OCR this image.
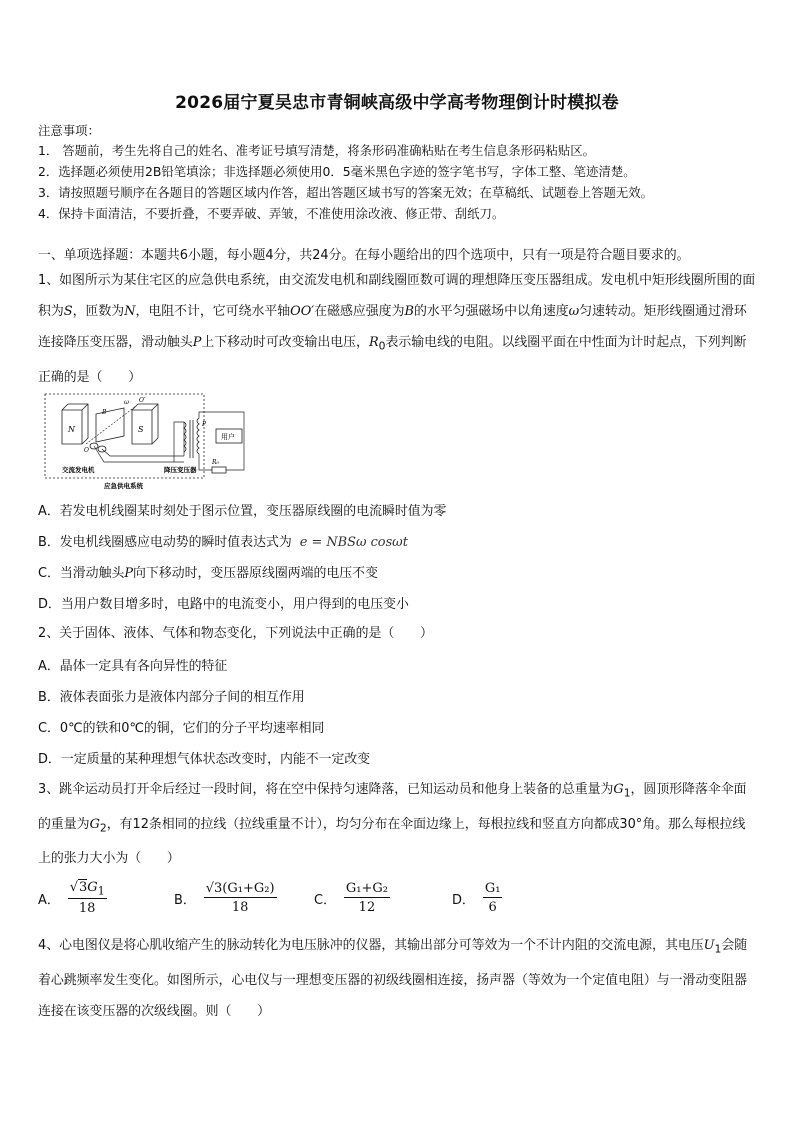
2026届宁夏吴忠市青铜峡高级中学高考物理倒计时模拟卷
注意事项：
1． 答题前，考生先将自己的姓名、准考证号填写清楚，将条形码准确粘贴在考生信息条形码粘贴区。
2．选择题必须使用2B铅笔填涂；非选择题必须使用0．5毫米黑色字迹的签字笔书写，字体工整、笔迹清楚。
3．请按照题号顺序在各题目的答题区域内作答，超出答题区域书写的答案无效；在草稿纸、试题卷上答题无效。
4．保持卡面清洁，不要折叠，不要弄破、弄皱，不准使用涂改液、修正带、刮纸刀。
一、单项选择题：本题共6小题，每小题4分，共24分。在每小题给出的四个选项中，只有一项是符合题目要求的。
1、如图所示为某住宅区的应急供电系统，由交流发电机和副线圈匝数可调的理想降压变压器组成。发电机中矩形线圈所围的面积为S，匝数为N，电阻不计，它可绕水平轴OO′在磁感应强度为B的水平匀强磁场中以角速度ω匀速转动。矩形线圈通过滑环连接降压变压器，滑动触头P上下移动时可改变输出电压，$R_0$表示输电线的电阻。以线圈平面在中性面为计时起点，下列判断正确的是（　　）
N	S
B
ω O′
O
P
用户
R₀
交流发电机	降压变压器
应急供电系统
A．若发电机线圈某时刻处于图示位置，变压器原线圈的电流瞬时值为零
B．发电机线圈感应电动势的瞬时值表达式为 e = NBSω cosωt
C．当滑动触头P向下移动时，变压器原线圈两端的电压不变
D．当用户数目增多时，电路中的电流变小，用户得到的电压变小
2、关于固体、液体、气体和物态变化，下列说法中正确的是（　　）
A．晶体一定具有各向异性的特征
B．液体表面张力是液体内部分子间的相互作用
C．0℃的铁和0℃的铜，它们的分子平均速率相同
D．一定质量的某种理想气体状态改变时，内能不一定改变
3、跳伞运动员打开伞后经过一段时间，将在空中保持匀速降落，已知运动员和他身上装备的总重量为$G_1$，圆顶形降落伞伞面的重量为$G_2$，有12条相同的拉线（拉线重量不计），均匀分布在伞面边缘上，每根拉线和竖直方向都成30°角。那么每根拉线上的张力大小为（　　）
A． $\frac{√3G_1}{18}$	B． $\frac{\text{√3(G₁+G₂)}}{18}$	C． $\frac{\text{G₁+G₂}}{12}$	D． $\frac{\text{G₁}}{6}$
4、心电图仪是将心肌收缩产生的脉动转化为电压脉冲的仪器，其输出部分可等效为一个不计内阻的交流电源，其电压$U_1$会随着心跳频率发生变化。如图所示，心电仪与一理想变压器的初级线圈相连接，扬声器（等效为一个定值电阻）与一滑动变阻器连接在该变压器的次级线圈。则（　　）
